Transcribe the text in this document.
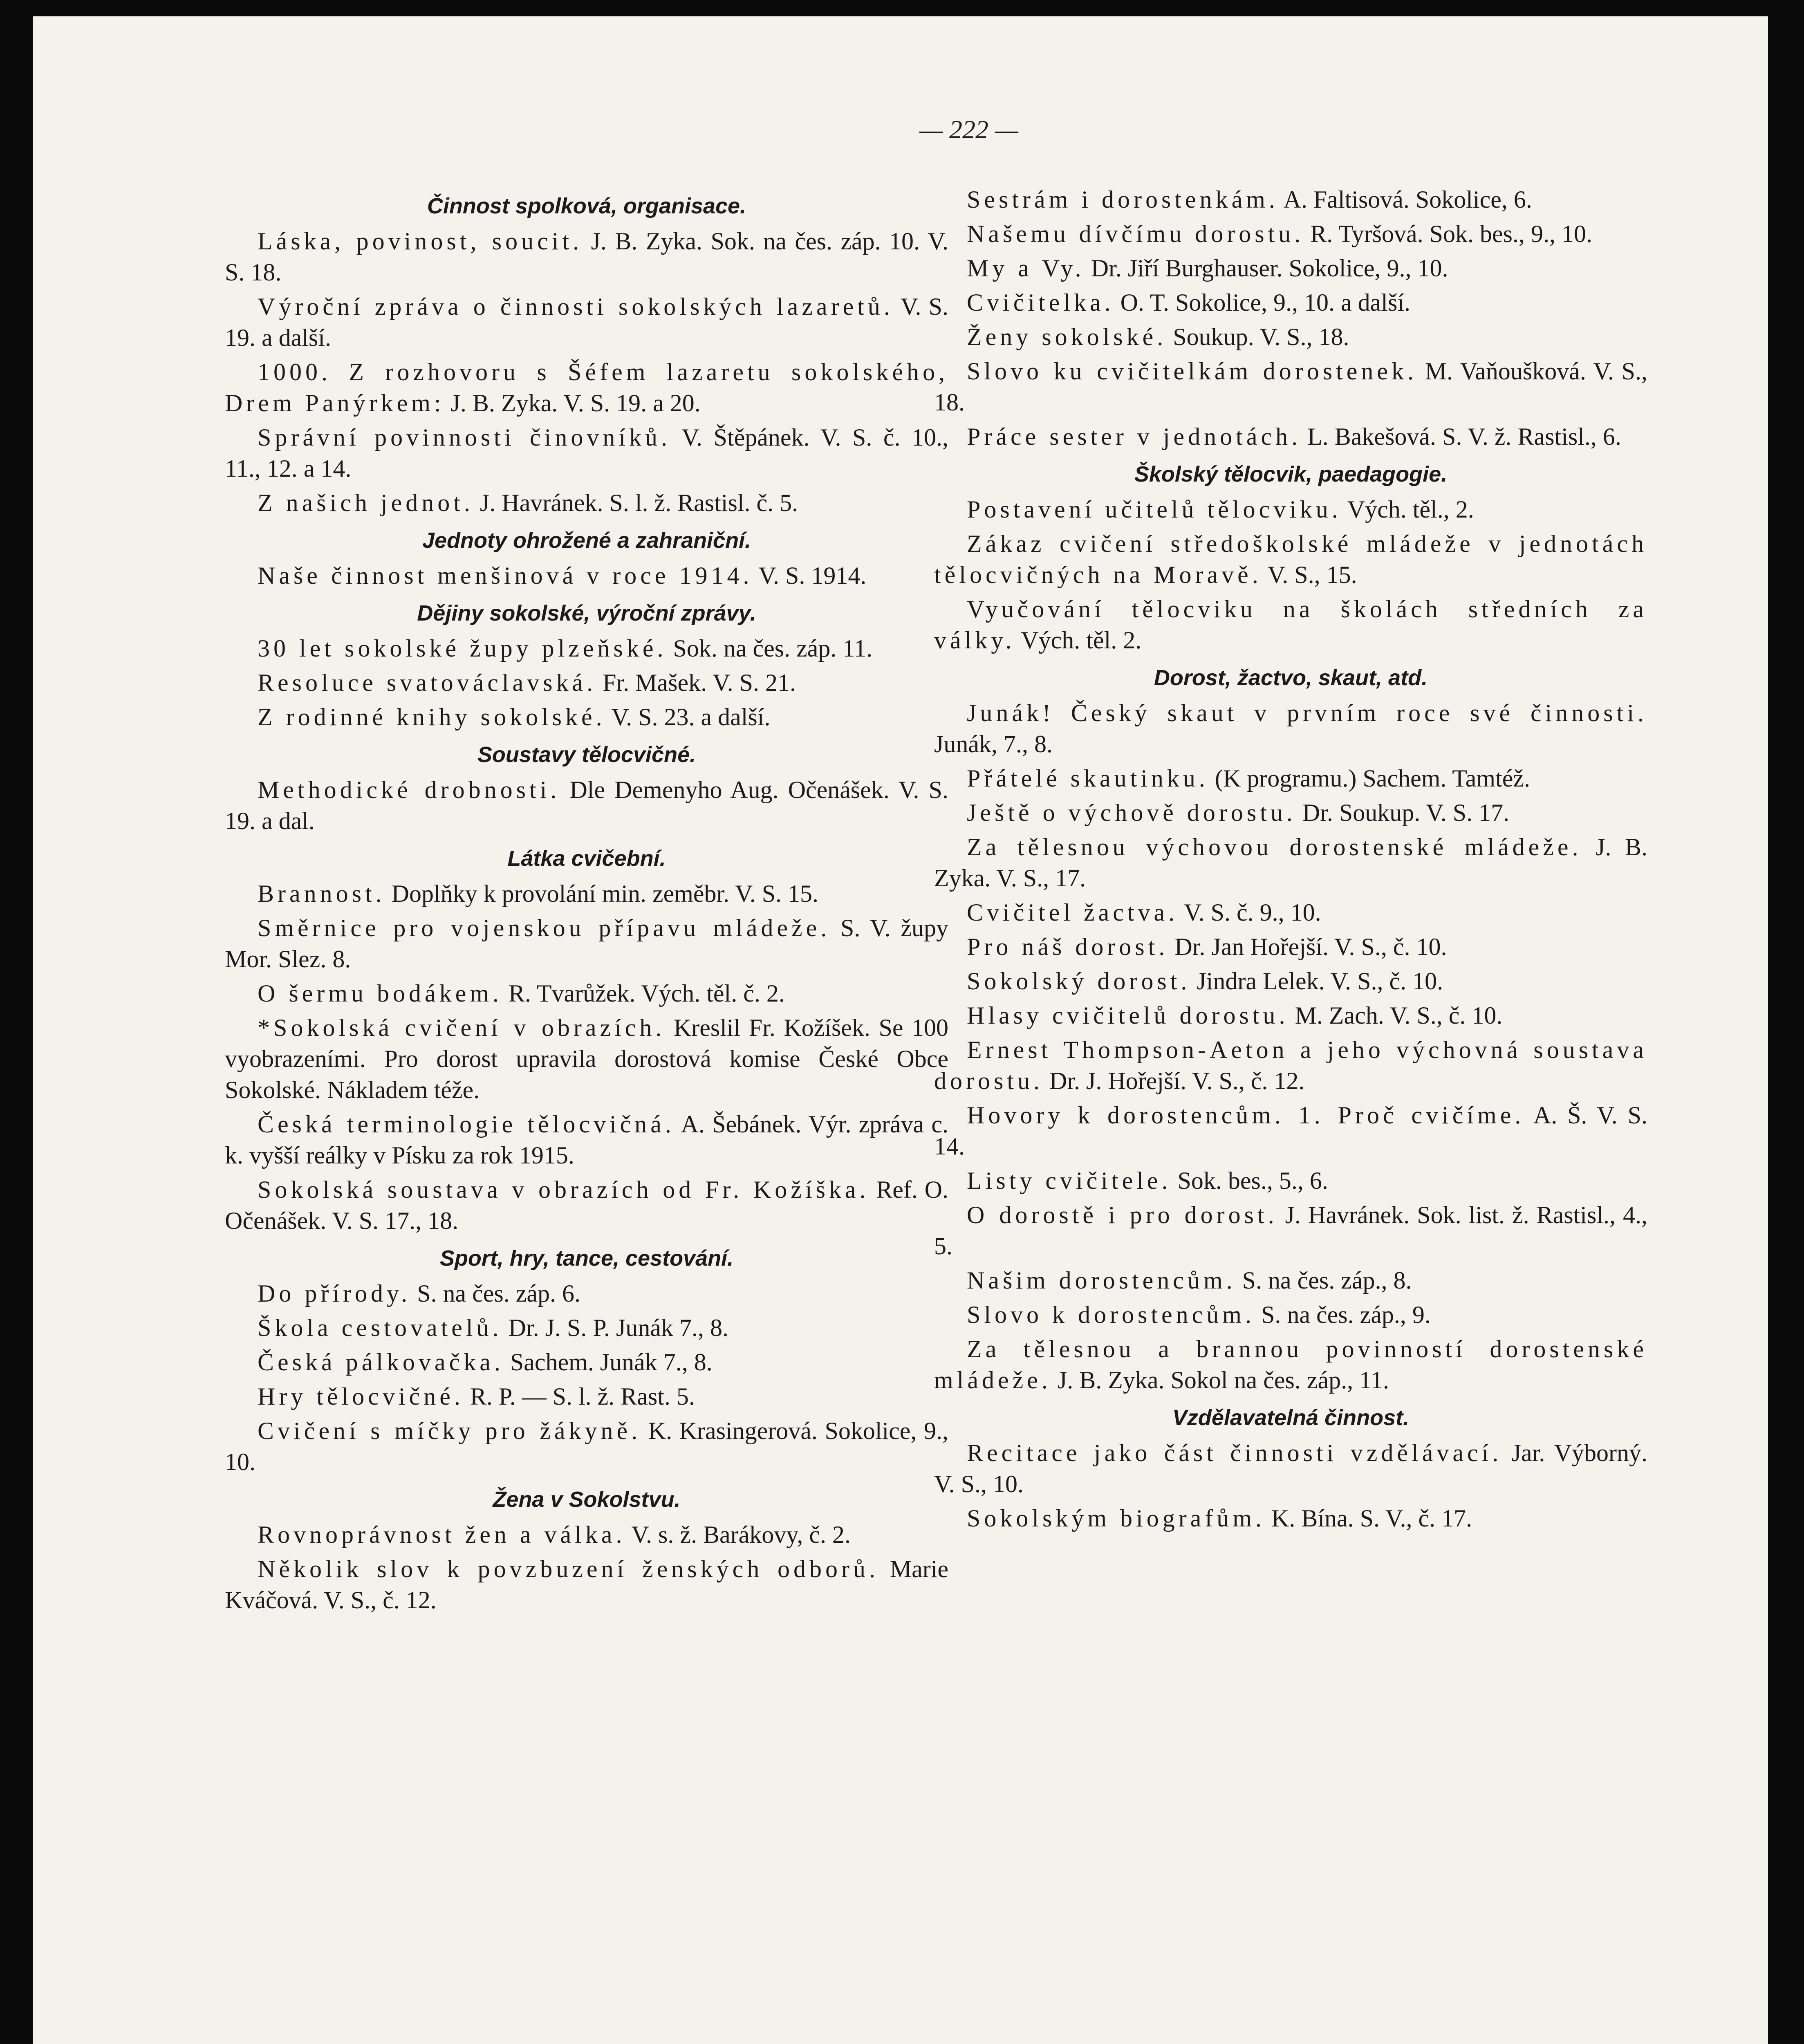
— 222 —
Činnost spolková, organisace.

Láska, povinost, soucit. J. B. Zyka. Sok. na čes. záp. 10. V. S. 18.

Výroční zpráva o činnosti sokolských lazaretů. V. S. 19. a další.

1000. Z rozhovoru s Šéfem lazaretu sokolského, Drem Panýrkem: J. B. Zyka. V. S. 19. a 20.

Správní povinnosti činovníků. V. Štěpánek. V. S. č. 10., 11., 12. a 14.

Z našich jednot. J. Havránek. S. l. ž. Rastisl. č. 5.

Jednoty ohrožené a zahraniční.

Naše činnost menšinová v roce 1914. V. S. 1914.

Dějiny sokolské, výroční zprávy.

30 let sokolské župy plzeňské. Sok. na čes. záp. 11.

Resoluce svatováclavská. Fr. Mašek. V. S. 21.

Z rodinné knihy sokolské. V. S. 23. a další.

Soustavy tělocvičné.

Methodické drobnosti. Dle Demenyho Aug. Očenášek. V. S. 19. a dal.

Látka cvičební.

Brannost. Doplňky k provolání min. zeměbr. V. S. 15.

Směrnice pro vojenskou přípavu mládeže. S. V. župy Mor. Slez. 8.

O šermu bodákem. R. Tvarůžek. Vých. těl. č. 2.

*Sokolská cvičení v obrazích. Kreslil Fr. Kožíšek. Se 100 vyobrazeními. Pro dorost upravila dorostová komise České Obce Sokolské. Nákladem téže.

Česká terminologie tělocvičná. A. Šebánek. Výr. zpráva c. k. vyšší reálky v Písku za rok 1915.

Sokolská soustava v obrazích od Fr. Kožíška. Ref. O. Očenášek. V. S. 17., 18.

Sport, hry, tance, cestování.

Do přírody. S. na čes. záp. 6.

Škola cestovatelů. Dr. J. S. P. Junák 7., 8.

Česká pálkovačka. Sachem. Junák 7., 8.

Hry tělocvičné. R. P. — S. l. ž. Rast. 5.

Cvičení s míčky pro žákyně. K. Krasingerová. Sokolice, 9., 10.

Žena v Sokolstvu.

Rovnoprávnost žen a válka. V. s. ž. Barákovy, č. 2.

Několik slov k povzbuzení ženských odborů. Marie Kváčová. V. S., č. 12.

Sestrám i dorostenkám. A. Faltisová. Sokolice, 6.

Našemu dívčímu dorostu. R. Tyršová. Sok. bes., 9., 10.

My a Vy. Dr. Jiří Burghauser. Sokolice, 9., 10.

Cvičitelka. O. T. Sokolice, 9., 10. a další.

Ženy sokolské. Soukup. V. S., 18.

Slovo ku cvičitelkám dorostenek. M. Vaňoušková. V. S., 18.

Práce sester v jednotách. L. Bakešová. S. V. ž. Rastisl., 6.

Školský tělocvik, paedagogie.

Postavení učitelů tělocviku. Vých. těl., 2.

Zákaz cvičení středoškolské mládeže v jednotách tělocvičných na Moravě. V. S., 15.

Vyučování tělocviku na školách středních za války. Vých. těl. 2.

Dorost, žactvo, skaut, atd.

Junák! Český skaut v prvním roce své činnosti. Junák, 7., 8.

Přátelé skautinku. (K programu.) Sachem. Tamtéž.

Ještě o výchově dorostu. Dr. Soukup. V. S. 17.

Za tělesnou výchovou dorostenské mládeže. J. B. Zyka. V. S., 17.

Cvičitel žactva. V. S. č. 9., 10.

Pro náš dorost. Dr. Jan Hořejší. V. S., č. 10.

Sokolský dorost. Jindra Lelek. V. S., č. 10.

Hlasy cvičitelů dorostu. M. Zach. V. S., č. 10.

Ernest Thompson-Aeton a jeho výchovná soustava dorostu. Dr. J. Hořejší. V. S., č. 12.

Hovory k dorostencům. 1. Proč cvičíme. A. Š. V. S. 14.

Listy cvičitele. Sok. bes., 5., 6.

O dorostě i pro dorost. J. Havránek. Sok. list. ž. Rastisl., 4., 5.

Našim dorostencům. S. na čes. záp., 8.

Slovo k dorostencům. S. na čes. záp., 9.

Za tělesnou a brannou povinností dorostenské mládeže. J. B. Zyka. Sokol na čes. záp., 11.

Vzdělavatelná činnost.

Recitace jako část činnosti vzdělávací. Jar. Výborný. V. S., 10.

Sokolským biografům. K. Bína. S. V., č. 17.
